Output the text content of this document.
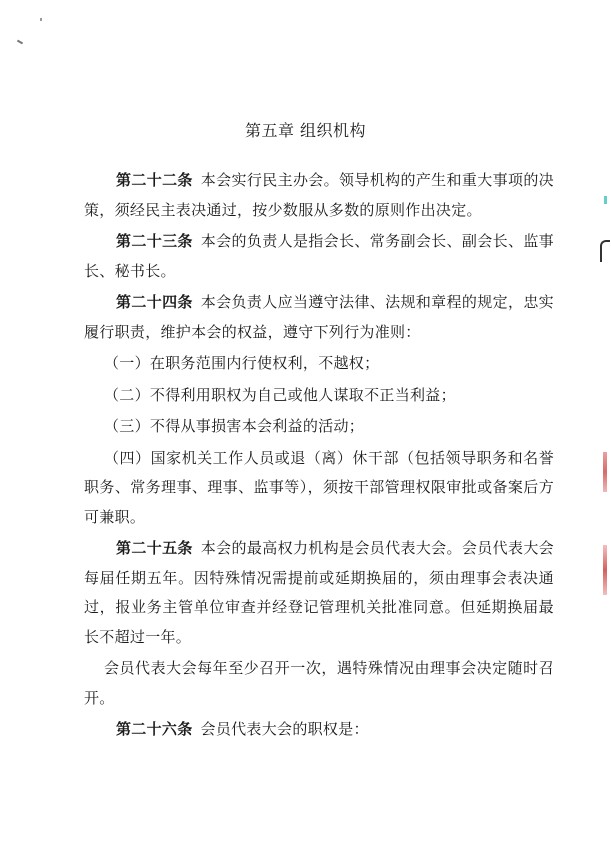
第五章 组织机构

第二十二条 本会实行民主办会。领导机构的产生和重大事项的决策，须经民主表决通过，按少数服从多数的原则作出决定。

第二十三条 本会的负责人是指会长、常务副会长、副会长、监事长、秘书长。

第二十四条 本会负责人应当遵守法律、法规和章程的规定，忠实履行职责，维护本会的权益，遵守下列行为准则：

（一）在职务范围内行使权利，不越权；

（二）不得利用职权为自己或他人谋取不正当利益；

（三）不得从事损害本会利益的活动；

（四）国家机关工作人员或退（离）休干部（包括领导职务和名誉职务、常务理事、理事、监事等），须按干部管理权限审批或备案后方可兼职。

第二十五条 本会的最高权力机构是会员代表大会。会员代表大会每届任期五年。因特殊情况需提前或延期换届的，须由理事会表决通过，报业务主管单位审查并经登记管理机关批准同意。但延期换届最长不超过一年。

会员代表大会每年至少召开一次，遇特殊情况由理事会决定随时召开。

第二十六条 会员代表大会的职权是：
